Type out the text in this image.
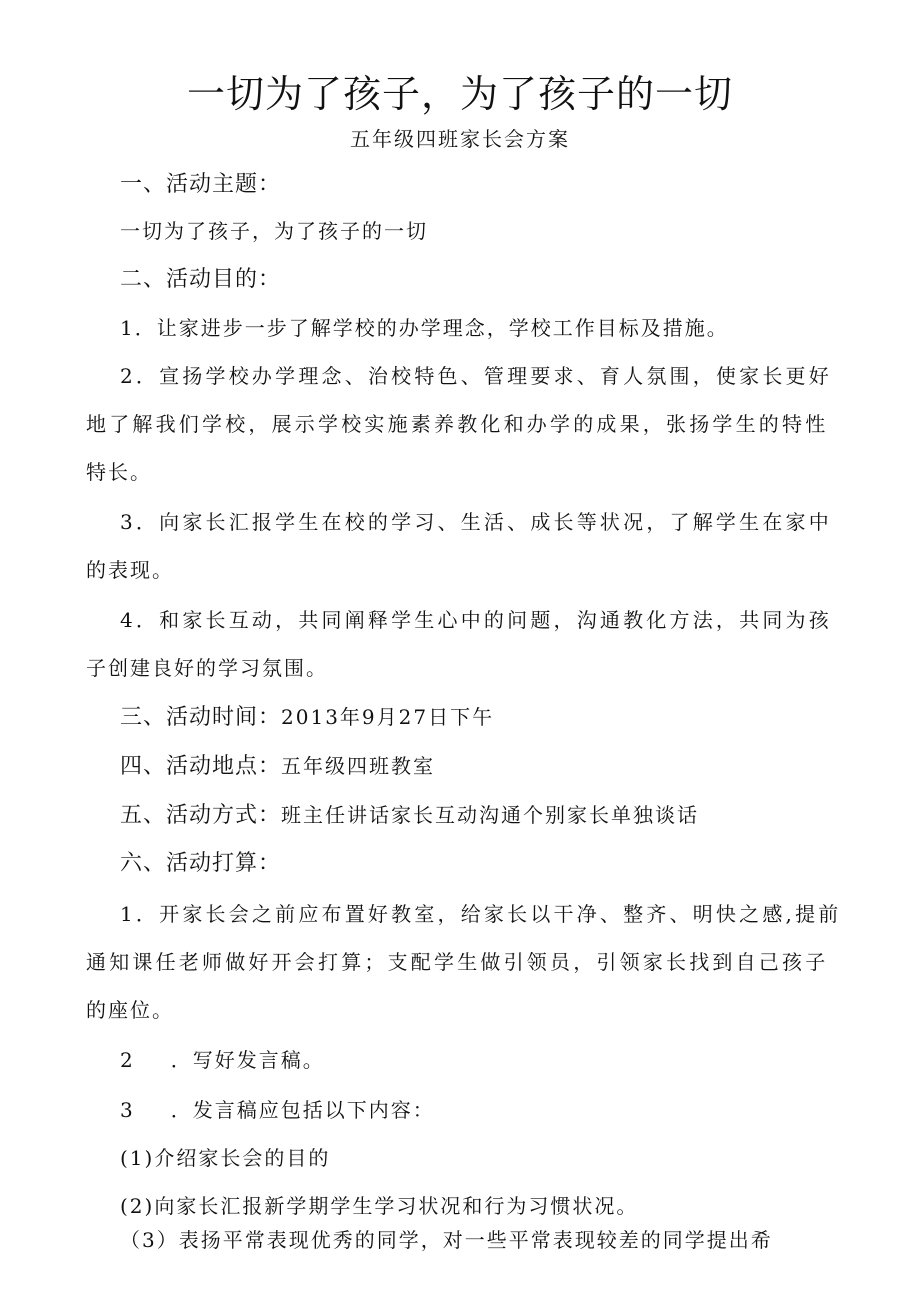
一切为了孩子，为了孩子的一切
五年级四班家长会方案
一、活动主题：
一切为了孩子，为了孩子的一切
二、活动目的：
1．让家进步一步了解学校的办学理念，学校工作目标及措施。
2．宣扬学校办学理念、治校特色、管理要求、育人氛围，使家长更好
地了解我们学校，展示学校实施素养教化和办学的成果，张扬学生的特性
特长。
3．向家长汇报学生在校的学习、生活、成长等状况，了解学生在家中
的表现。
4．和家长互动，共同阐释学生心中的问题，沟通教化方法，共同为孩
子创建良好的学习氛围。
三、活动时间：2013年9月27日下午
四、活动地点：五年级四班教室
五、活动方式：班主任讲话家长互动沟通个别家长单独谈话
六、活动打算：
1．开家长会之前应布置好教室，给家长以干净、整齐、明快之感,提前
通知课任老师做好开会打算；支配学生做引领员，引领家长找到自己孩子
的座位。
2 ．写好发言稿。
3 ．发言稿应包括以下内容：
(1)介绍家长会的目的
(2)向家长汇报新学期学生学习状况和行为习惯状况。
（3）表扬平常表现优秀的同学，对一些平常表现较差的同学提出希
